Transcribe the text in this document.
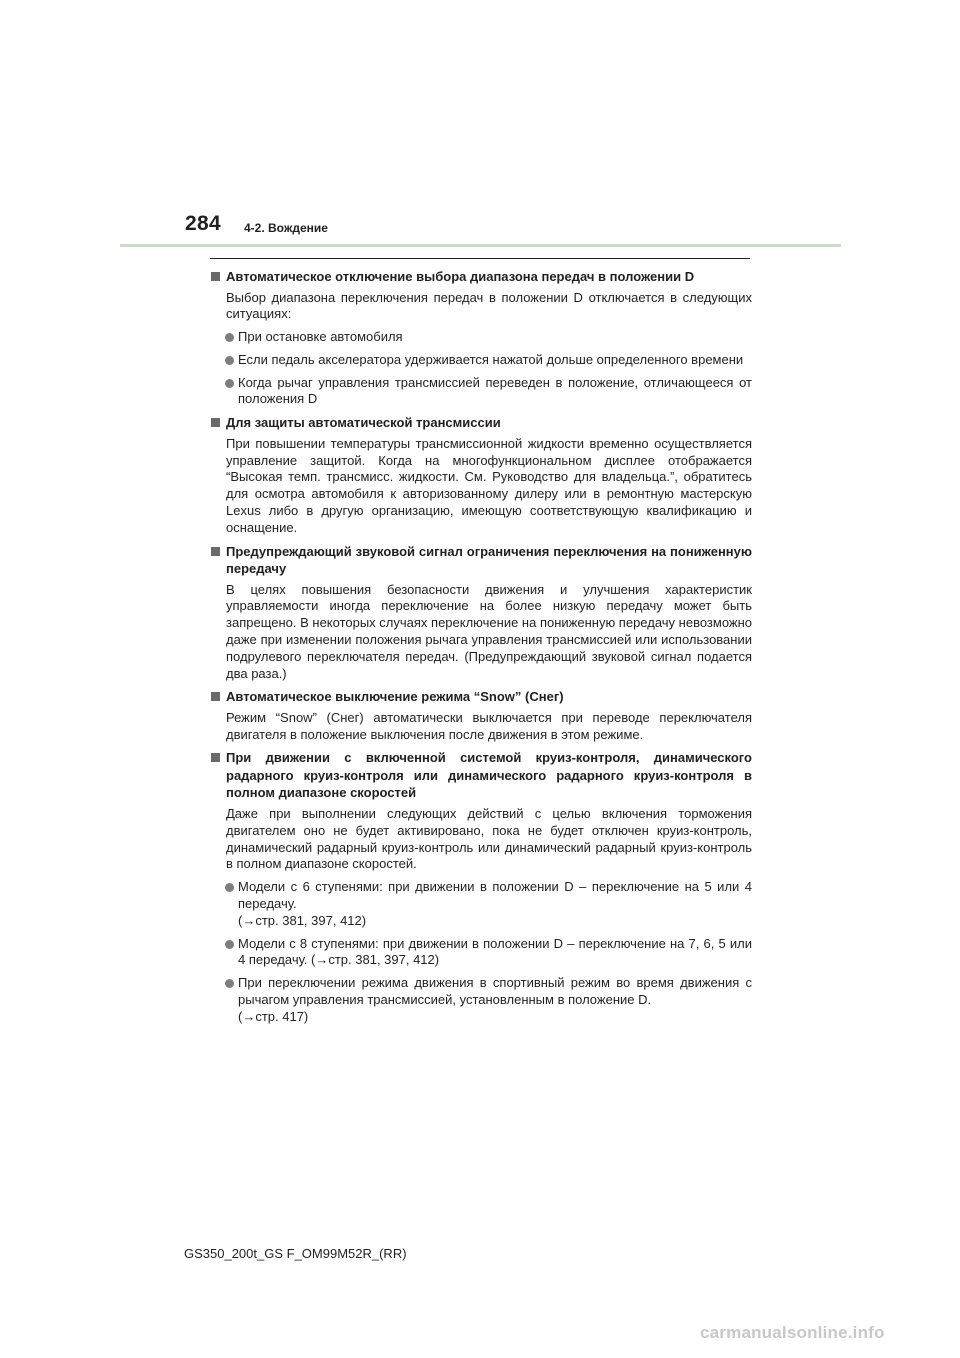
284 4-2. Вождение
Автоматическое отключение выбора диапазона передач в положении D

Выбор диапазона переключения передач в положении D отключается в следующих ситуациях:

При остановке автомобиля
Если педаль акселератора удерживается нажатой дольше определенного времени
Когда рычаг управления трансмиссией переведен в положение, отличающееся от положения D
Для защиты автоматической трансмиссии

При повышении температуры трансмиссионной жидкости временно осуществляется управление защитой. Когда на многофункциональном дисплее отображается “Высокая темп. трансмисс. жидкости. См. Руководство для владельца.”, обратитесь для осмотра автомобиля к авторизованному дилеру или в ремонтную мастерскую Lexus либо в другую организацию, имеющую соответствующую квалификацию и оснащение.

Предупреждающий звуковой сигнал ограничения переключения на пониженную передачу

В целях повышения безопасности движения и улучшения характеристик управляемости иногда переключение на более низкую передачу может быть запрещено. В некоторых случаях переключение на пониженную передачу невозможно даже при изменении положения рычага управления трансмиссией или использовании подрулевого переключателя передач. (Предупреждающий звуковой сигнал подается два раза.)

Автоматическое выключение режима “Snow” (Снег)

Режим “Snow” (Снег) автоматически выключается при переводе переключателя двигателя в положение выключения после движения в этом режиме.

При движении с включенной системой круиз-контроля, динамического радарного круиз-контроля или динамического радарного круиз-контроля в полном диапазоне скоростей

Даже при выполнении следующих действий с целью включения торможения двигателем оно не будет активировано, пока не будет отключен круиз-контроль, динамический радарный круиз-контроль или динамический радарный круиз-контроль в полном диапазоне скоростей.

Модели с 6 ступенями: при движении в положении D – переключение на 5 или 4 передачу.
(→стр. 381, 397, 412)
Модели с 8 ступенями: при движении в положении D – переключение на 7, 6, 5 или 4 передачу. (→стр. 381, 397, 412)
При переключении режима движения в спортивный режим во время движения с рычагом управления трансмиссией, установленным в положение D.
(→стр. 417)
GS350_200t_GS F_OM99M52R_(RR)
carmanualsonline.info
